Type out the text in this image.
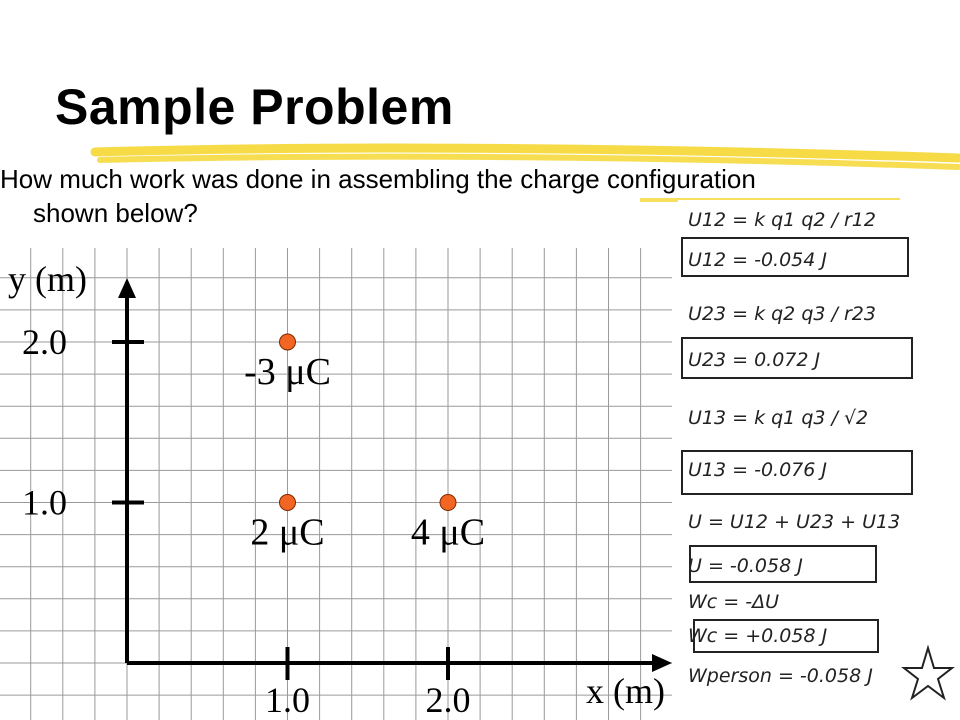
Sample Problem
How much work was done in assembling the charge configuration
shown below?
y (m)
x (m)
2.0
1.0
1.0	2.0
-3 μC
2 μC 4 μC
U12 = k q1 q2 / r12
U12 = -0.054 J
U23 = k q2 q3 / r23
U23 = 0.072 J
U13 = k q1 q3 / √2
U13 = -0.076 J
U = U12 + U23 + U13
U = -0.058 J
Wc = -ΔU
Wc = +0.058 J
Wperson = -0.058 J
